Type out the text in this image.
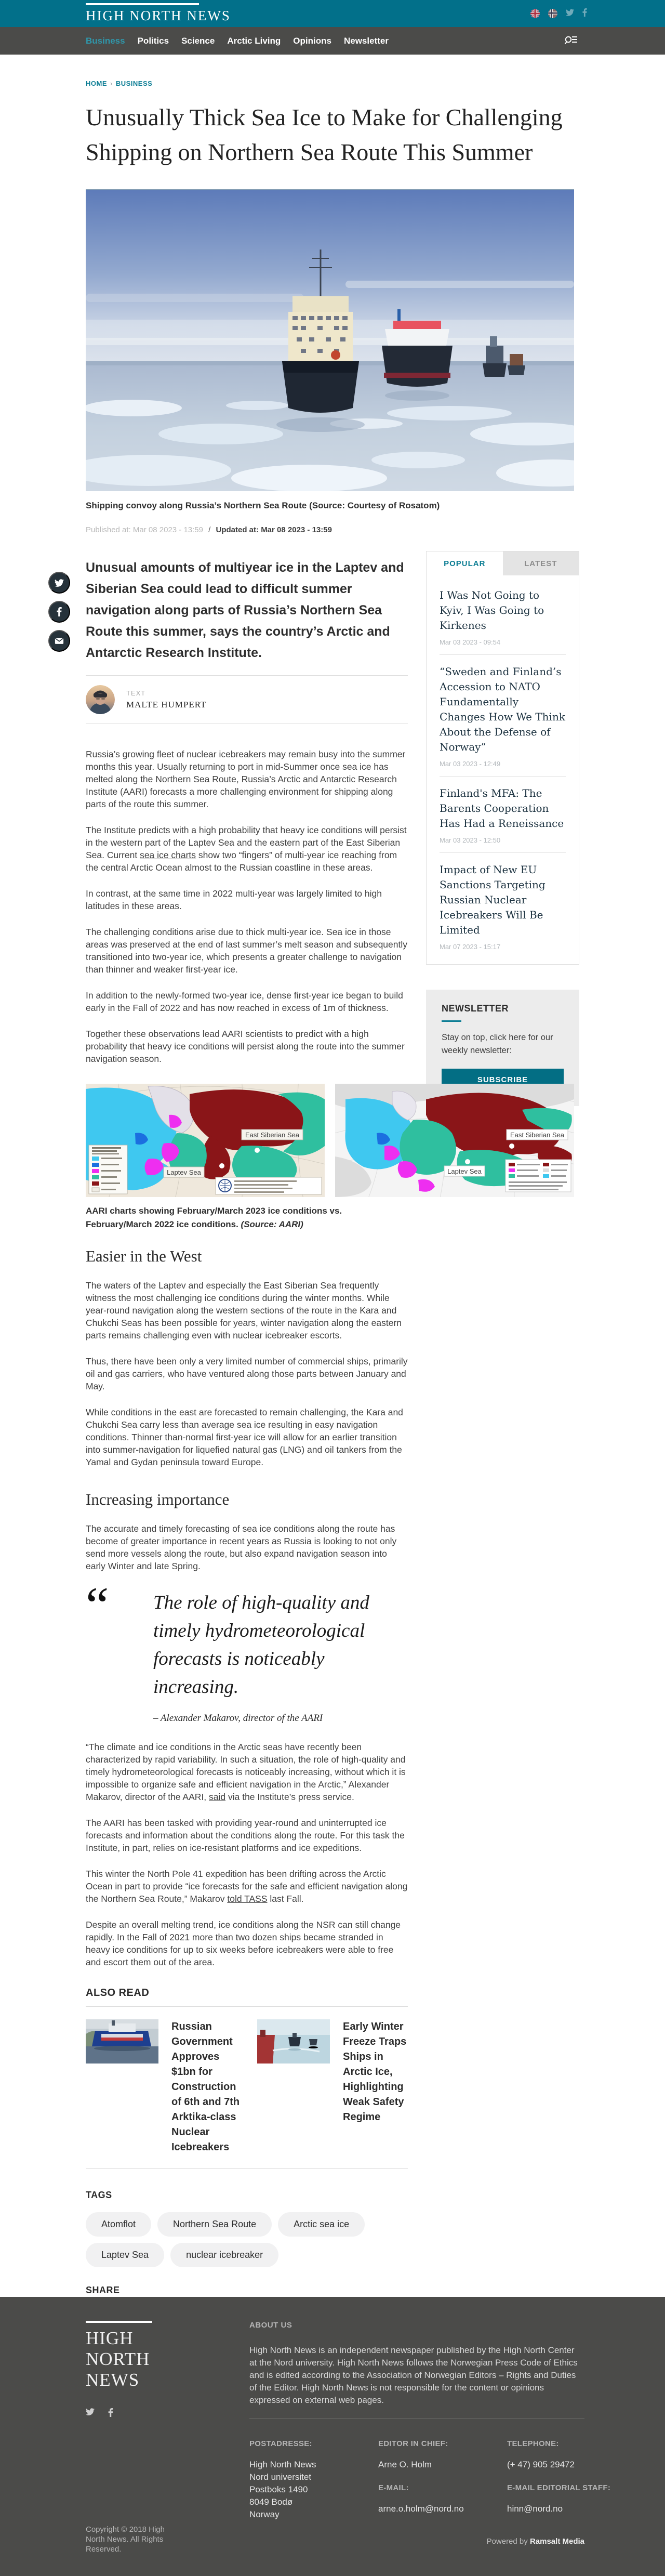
HIGH NORTH NEWS
Business Politics Science Arctic Living Opinions Newsletter
HOME › BUSINESS
Unusually Thick Sea Ice to Make for Challenging Shipping on Northern Sea Route This Summer
Shipping convoy along Russia’s Northern Sea Route (Source: Courtesy of Rosatom)
Published at: Mar 08 2023 - 13:59 / Updated at: Mar 08 2023 - 13:59

Unusual amounts of multiyear ice in the Laptev and Siberian Sea could lead to difficult summer navigation along parts of Russia’s Northern Sea Route this summer, says the country’s Arctic and Antarctic Research Institute.

TEXT
MALTE HUMPERT

Russia’s growing fleet of nuclear icebreakers may remain busy into the summer months this year. Usually returning to port in mid-Summer once sea ice has melted along the Northern Sea Route, Russia’s Arctic and Antarctic Research Institute (AARI) forecasts a more challenging environment for shipping along parts of the route this summer.

The Institute predicts with a high probability that heavy ice conditions will persist in the western part of the Laptev Sea and the eastern part of the East Siberian Sea. Current sea ice charts show two “fingers” of multi-year ice reaching from the central Arctic Ocean almost to the Russian coastline in these areas.

In contrast, at the same time in 2022 multi-year was largely limited to high latitudes in these areas.

The challenging conditions arise due to thick multi-year ice. Sea ice in those areas was preserved at the end of last summer’s melt season and subsequently transitioned into two-year ice, which presents a greater challenge to navigation than thinner and weaker first-year ice.

In addition to the newly-formed two-year ice, dense first-year ice began to build early in the Fall of 2022 and has now reached in excess of 1m of thickness.

Together these observations lead AARI scientists to predict with a high probability that heavy ice conditions will persist along the route into the summer navigation season.

East Siberian Sea
Laptev Sea
East Siberian Sea
Laptev Sea
AARI charts showing February/March 2023 ice conditions vs. February/March 2022 ice conditions. (Source: AARI)
Easier in the West

The waters of the Laptev and especially the East Siberian Sea frequently witness the most challenging ice conditions during the winter months. While year-round navigation along the western sections of the route in the Kara and Chukchi Seas has been possible for years, winter navigation along the eastern parts remains challenging even with nuclear icebreaker escorts.

Thus, there have been only a very limited number of commercial ships, primarily oil and gas carriers, who have ventured along those parts between January and May.

While conditions in the east are forecasted to remain challenging, the Kara and Chukchi Sea carry less than average sea ice resulting in easy navigation conditions. Thinner than-normal first-year ice will allow for an earlier transition into summer-navigation for liquefied natural gas (LNG) and oil tankers from the Yamal and Gydan peninsula toward Europe.

Increasing importance

The accurate and timely forecasting of sea ice conditions along the route has become of greater importance in recent years as Russia is looking to not only send more vessels along the route, but also expand navigation season into early Winter and late Spring.

“ The role of high-quality and timely hydrometeorological forecasts is noticeably increasing.
– Alexander Makarov, director of the AARI

“The climate and ice conditions in the Arctic seas have recently been characterized by rapid variability. In such a situation, the role of high-quality and timely hydrometeorological forecasts is noticeably increasing, without which it is impossible to organize safe and efficient navigation in the Arctic,” Alexander Makarov, director of the AARI, said via the Institute’s press service.

The AARI has been tasked with providing year-round and uninterrupted ice forecasts and information about the conditions along the route. For this task the Institute, in part, relies on ice-resistant platforms and ice expeditions.

This winter the North Pole 41 expedition has been drifting across the Arctic Ocean in part to provide “ice forecasts for the safe and efficient navigation along the Northern Sea Route,” Makarov told TASS last Fall.

Despite an overall melting trend, ice conditions along the NSR can still change rapidly. In the Fall of 2021 more than two dozen ships became stranded in heavy ice conditions for up to six weeks before icebreakers were able to free and escort them out of the area.

ALSO READ
Russian Government Approves $1bn for Construction of 6th and 7th Arktika-class Nuclear Icebreakers
Early Winter Freeze Traps Ships in Arctic Ice, Highlighting Weak Safety Regime
TAGS
Atomflot	Northern Sea Route	Arctic sea ice
Laptev Sea	nuclear icebreaker
SHARE
POPULAR	LATEST
I Was Not Going to Kyiv, I Was Going to Kirkenes
Mar 03 2023 - 09:54
“Sweden and Finland’s Accession to NATO Fundamentally Changes How We Think About the Defense of Norway”
Mar 03 2023 - 12:49
Finland's MFA: The Barents Cooperation Has Had a Reneissance
Mar 03 2023 - 12:50
Impact of New EU Sanctions Targeting Russian Nuclear Icebreakers Will Be Limited
Mar 07 2023 - 15:17
NEWSLETTER
Stay on top, click here for our weekly newsletter:
SUBSCRIBE
HIGH
NORTH
NEWS
ABOUT US
High North News is an independent newspaper published by the High North Center at the Nord university. High North News follows the Norwegian Press Code of Ethics and is edited according to the Association of Norwegian Editors – Rights and Duties of the Editor. High North News is not responsible for the content or opinions expressed on external web pages.
POSTADRESSE:
High North News
Nord universitet
Postboks 1490
8049 Bodø
Norway
EDITOR IN CHIEF:
Arne O. Holm
E-MAIL:
arne.o.holm@nord.no
TELEPHONE:
(+ 47) 905 29472
E-MAIL EDITORIAL STAFF:
hinn@nord.no
Copyright © 2018 High North News. All Rights Reserved.
Powered by Ramsalt Media
